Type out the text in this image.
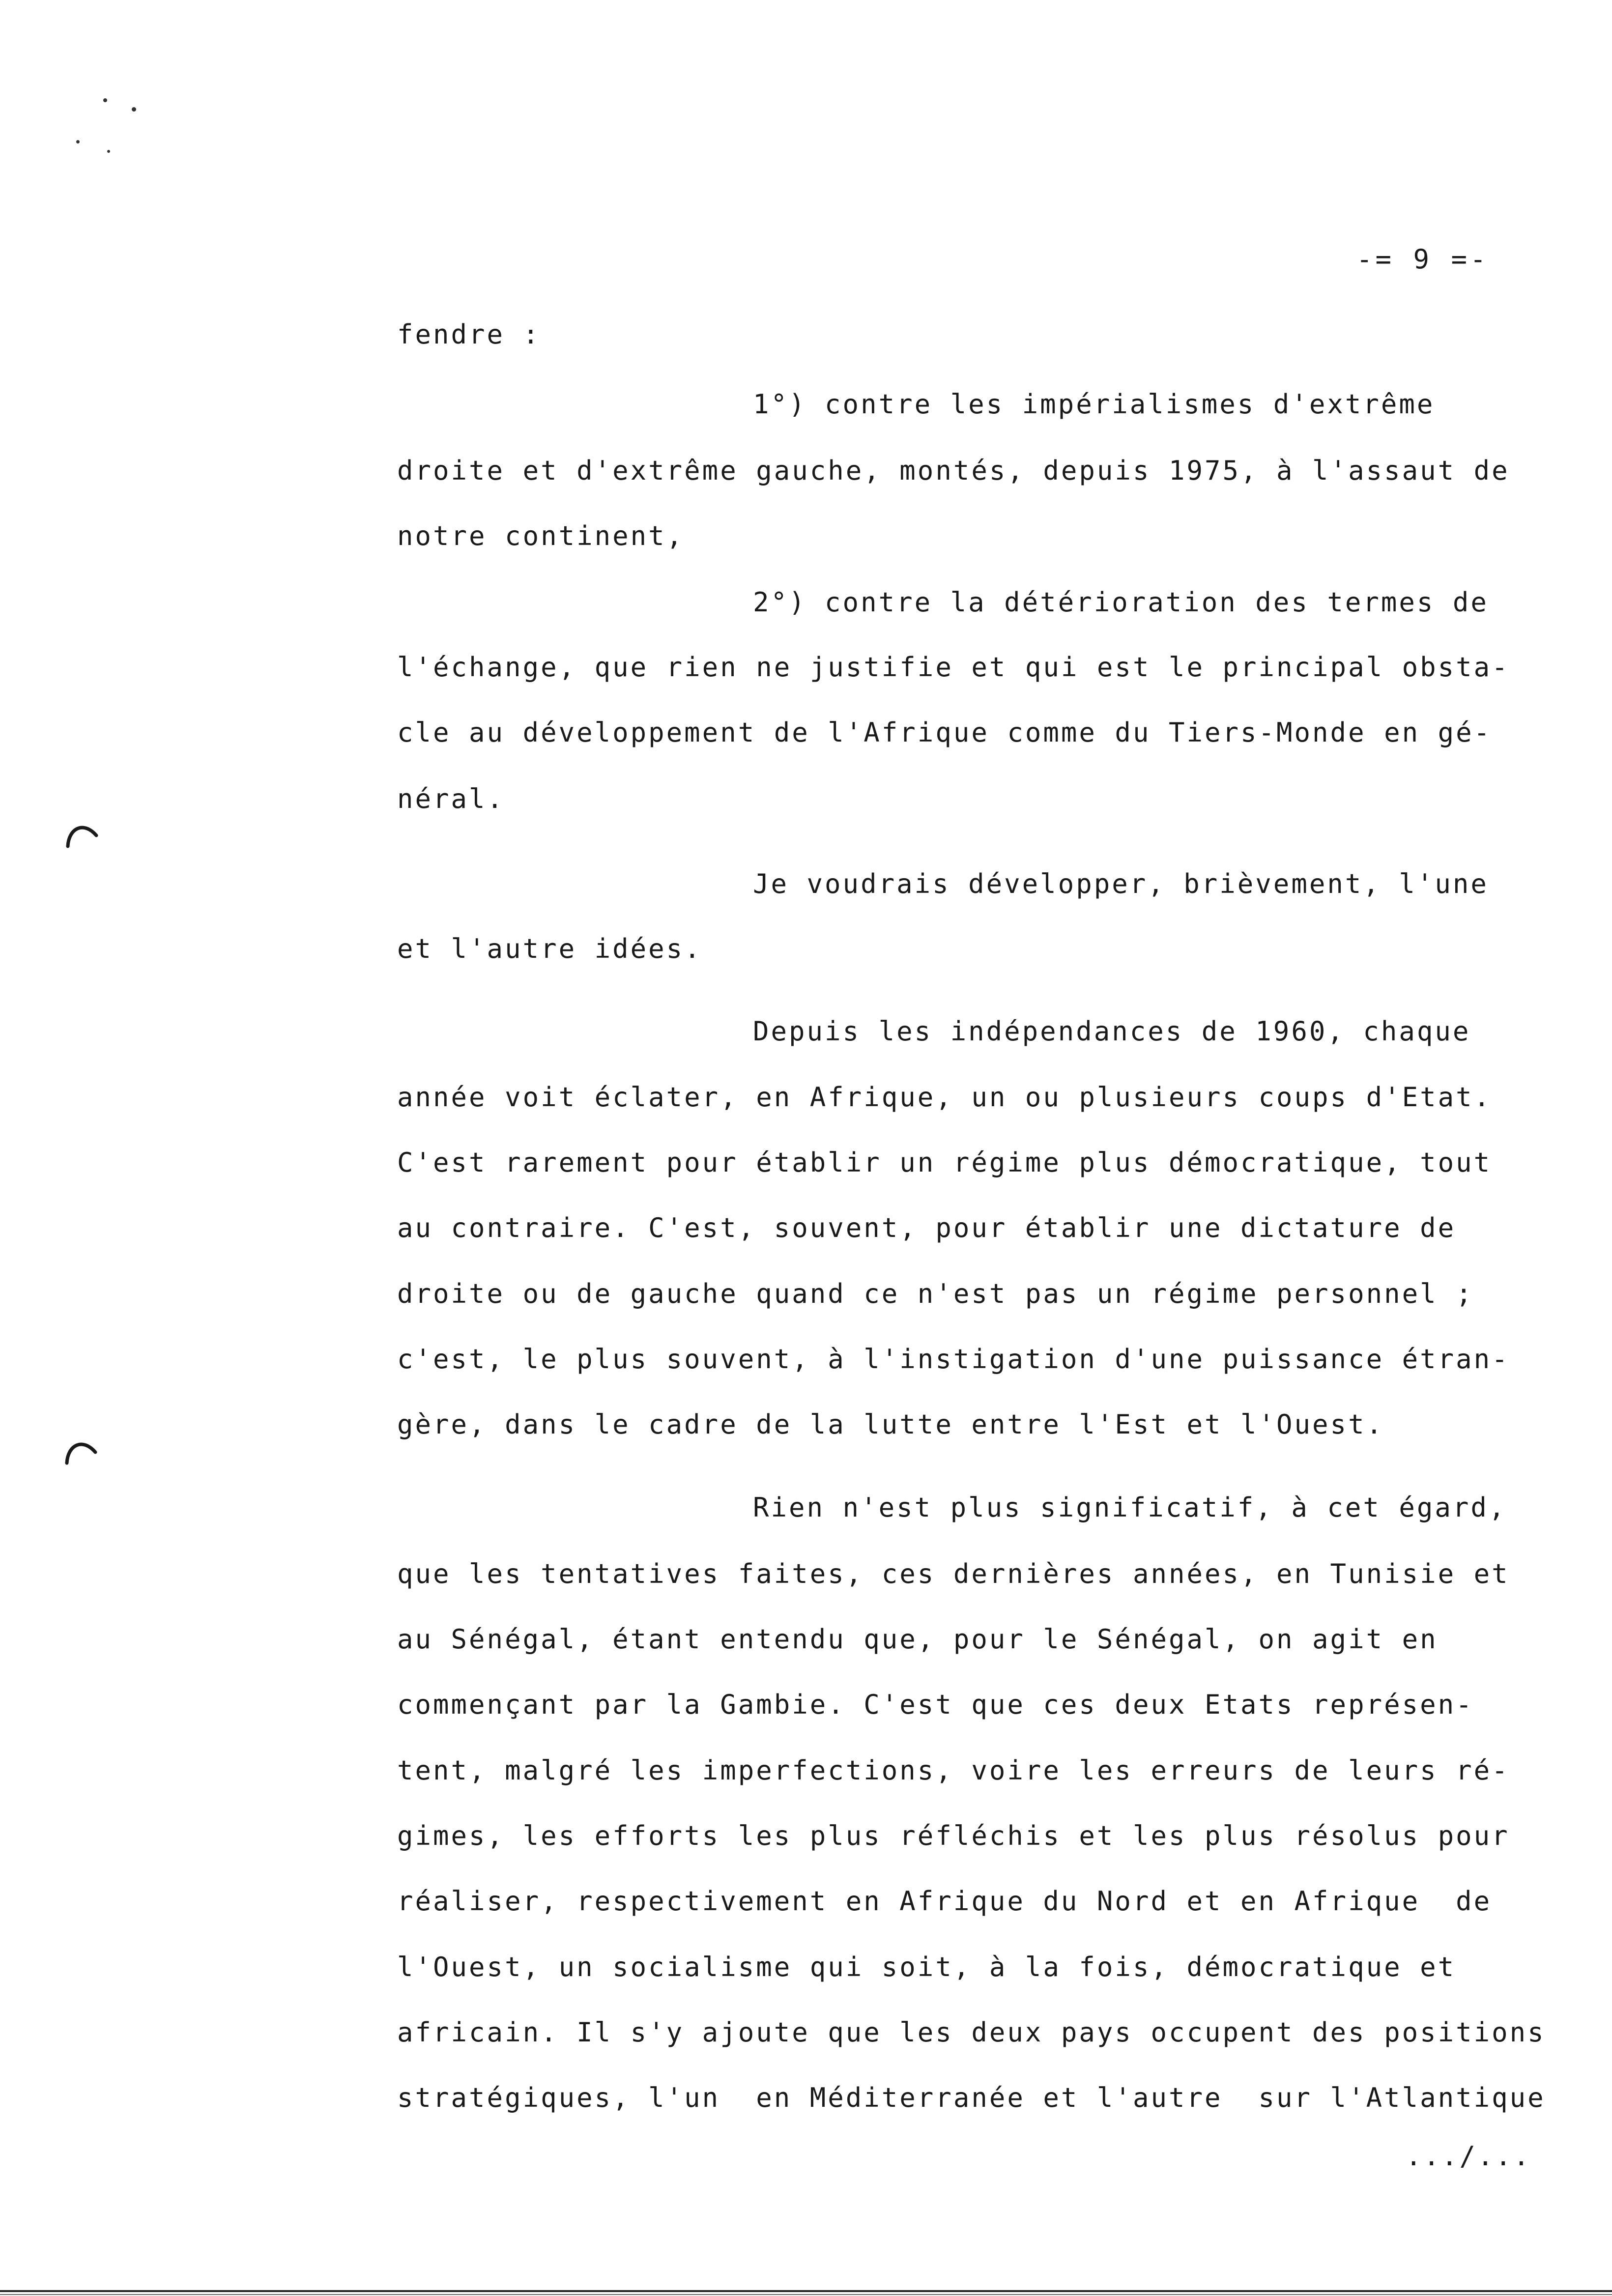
-= 9 =-
fendre :
1°) contre les impérialismes d'extrême
droite et d'extrême gauche, montés, depuis 1975, à l'assaut de
notre continent,
2°) contre la détérioration des termes de
l'échange, que rien ne justifie et qui est le principal obsta-
cle au développement de l'Afrique comme du Tiers-Monde en gé-
néral.
Je voudrais développer, brièvement, l'une
et l'autre idées.
Depuis les indépendances de 1960, chaque
année voit éclater, en Afrique, un ou plusieurs coups d'Etat.
C'est rarement pour établir un régime plus démocratique, tout
au contraire. C'est, souvent, pour établir une dictature de
droite ou de gauche quand ce n'est pas un régime personnel ;
c'est, le plus souvent, à l'instigation d'une puissance étran-
gère, dans le cadre de la lutte entre l'Est et l'Ouest.
Rien n'est plus significatif, à cet égard,
que les tentatives faites, ces dernières années, en Tunisie et
au Sénégal, étant entendu que, pour le Sénégal, on agit en
commençant par la Gambie. C'est que ces deux Etats représen-
tent, malgré les imperfections, voire les erreurs de leurs ré-
gimes, les efforts les plus réfléchis et les plus résolus pour
réaliser, respectivement en Afrique du Nord et en Afrique  de
l'Ouest, un socialisme qui soit, à la fois, démocratique et
africain. Il s'y ajoute que les deux pays occupent des positions
stratégiques, l'un  en Méditerranée et l'autre  sur l'Atlantique
.../...
